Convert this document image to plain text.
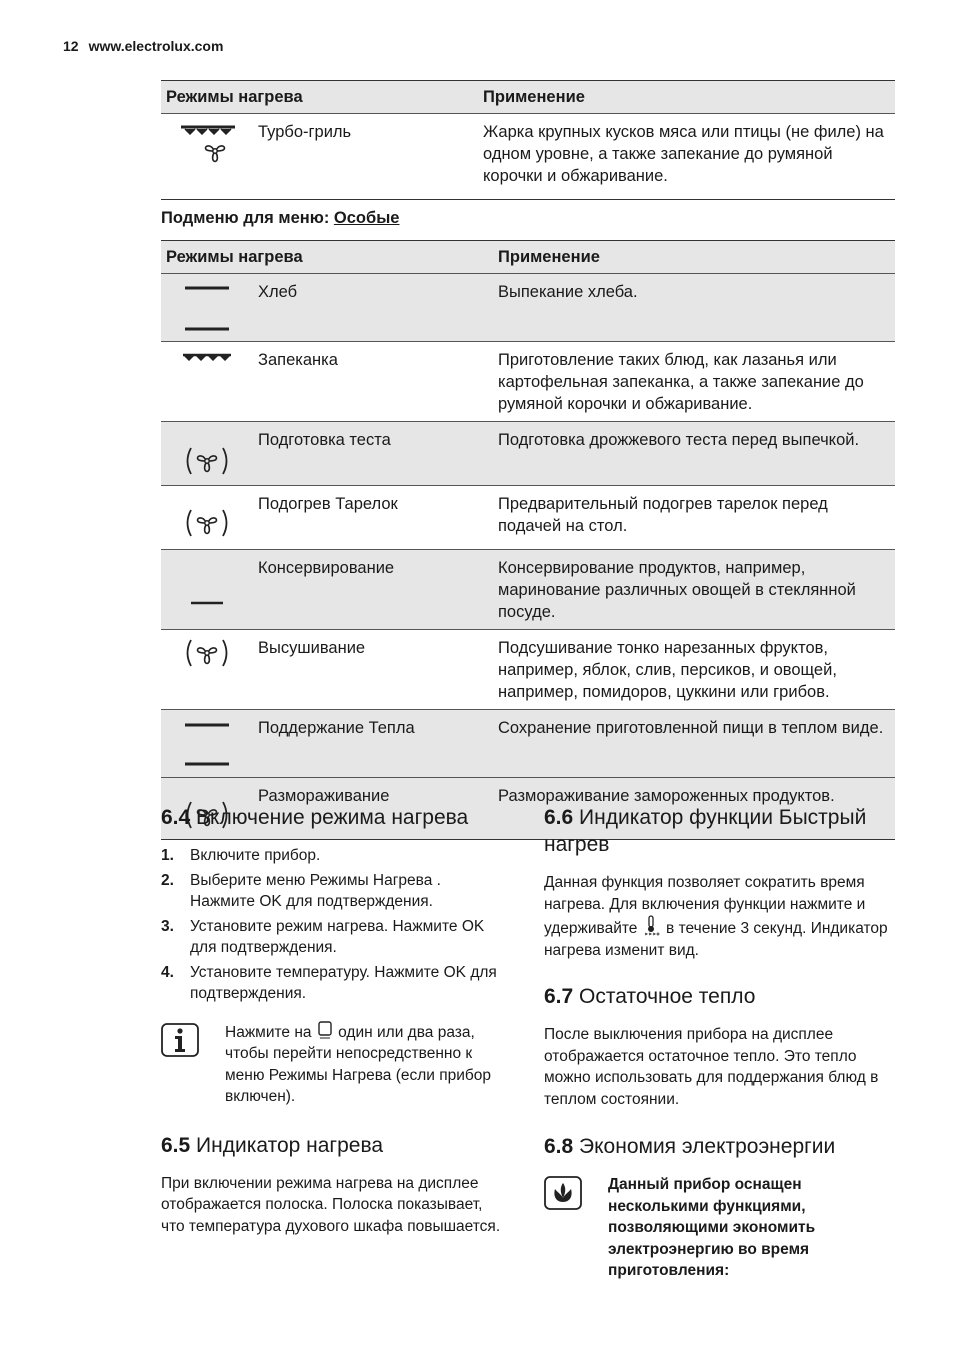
12 www.electrolux.com
Режимы нагрева		Применение

	Турбо-гриль	Жарка крупных кусков мяса или птицы (не филе) на одном уровне, а также запекание до румяной корочки и обжаривание.
Подменю для меню: Особые
Режимы нагрева		Применение

	Хлеб	Выпекание хлеба.

	Запеканка	Приготовление таких блюд, как лазанья или картофельная запеканка, а также запекание до румяной корочки и обжаривание.

	Подготовка теста	Подготовка дрожжевого теста перед выпечкой.

	Подогрев Тарелок	Предварительный подогрев тарелок перед подачей на стол.

	Консервирование	Консервирование продуктов, например, маринование различных овощей в стеклянной посуде.

	Высушивание	Подсушивание тонко нарезанных фруктов, например, яблок, слив, персиков, и овощей, например, помидоров, цуккини или грибов.

	Поддержание Тепла	Сохранение приготовленной пищи в теплом виде.

	Размораживание	Размораживание замороженных продуктов.
6.4 Включение режима нагрева
1. Включите прибор.
2. Выберите меню Режимы Нагрева . Нажмите OK для подтверждения.
3. Установите режим нагрева. Нажмите OK для подтверждения.
4. Установите температуру. Нажмите OK для подтверждения.
Нажмите на  один или два раза, чтобы перейти непосредственно к меню Режимы Нагрева (если прибор включен).
6.5 Индикатор нагрева

При включении режима нагрева на дисплее отображается полоска. Полоска показывает, что температура духового шкафа повышается.

6.6 Индикатор функции Быстрый нагрев

Данная функция позволяет сократить время нагрева. Для включения функции нажмите и удерживайте  в течение 3 секунд. Индикатор нагрева изменит вид.

6.7 Остаточное тепло

После выключения прибора на дисплее отображается остаточное тепло. Это тепло можно использовать для поддержания блюд в теплом состоянии.

6.8 Экономия электроэнергии
Данный прибор оснащен несколькими функциями, позволяющими экономить электроэнергию во время приготовления:
